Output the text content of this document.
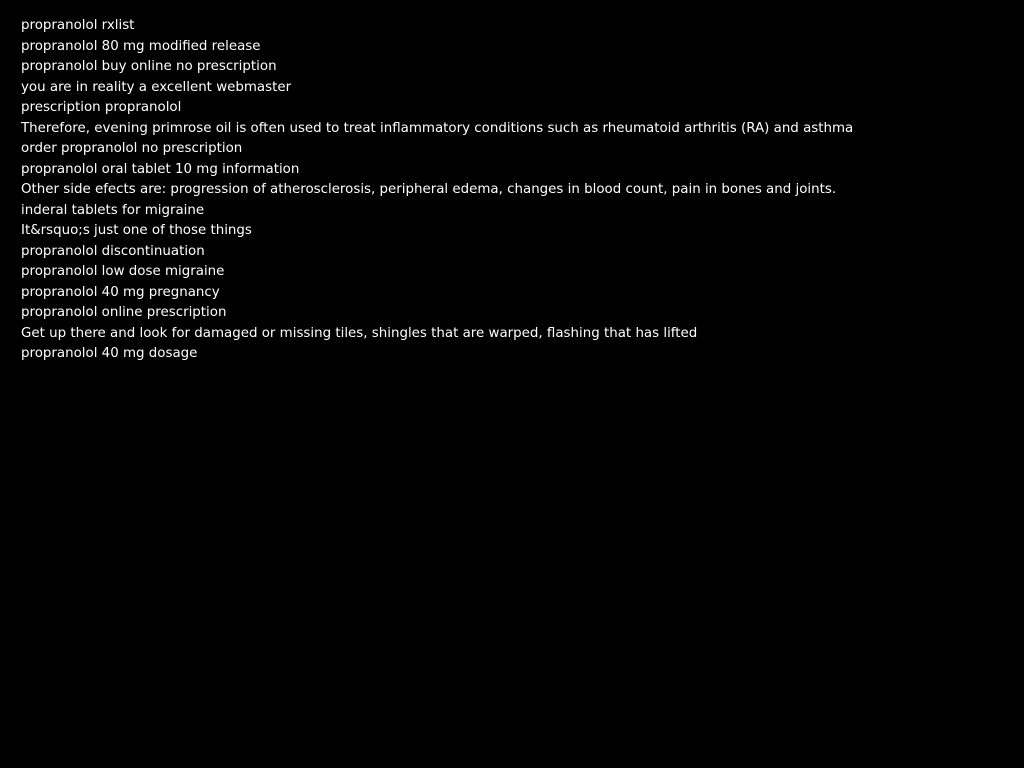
propranolol rxlist
propranolol 80 mg modified release
propranolol buy online no prescription
you are in reality a excellent webmaster
prescription propranolol
Therefore, evening primrose oil is often used to treat inflammatory conditions such as rheumatoid arthritis (RA) and asthma
order propranolol no prescription
propranolol oral tablet 10 mg information
Other side efects are: progression of atherosclerosis, peripheral edema, changes in blood count, pain in bones and joints.
inderal tablets for migraine
It&rsquo;s just one of those things
propranolol discontinuation
propranolol low dose migraine
propranolol 40 mg pregnancy
propranolol online prescription
Get up there and look for damaged or missing tiles, shingles that are warped, flashing that has lifted
propranolol 40 mg dosage
